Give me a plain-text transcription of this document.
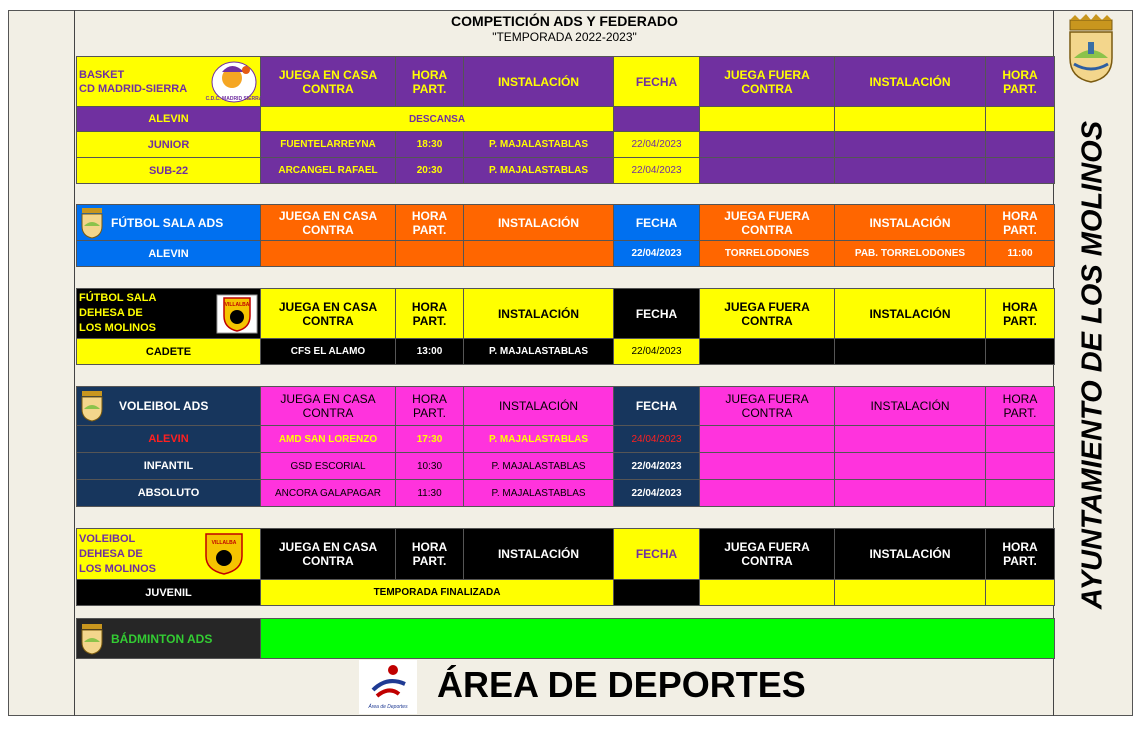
COMPETICIÓN ADS Y FEDERADO
"TEMPORADA 2022-2023"
BASKET
CD MADRID-SIERRA
C.D.C. MADRID SIERRA	JUEGA EN CASA CONTRA	HORA PART.	INSTALACIÓN	FECHA	JUEGA FUERA CONTRA	INSTALACIÓN	HORA PART.
ALEVIN	DESCANSA						
JUNIOR	FUENTELARREYNA	18:30	P. MAJALASTABLAS	22/04/2023			
SUB-22	ARCANGEL RAFAEL	20:30	P. MAJALASTABLAS	22/04/2023			
FÚTBOL SALA ADS	JUEGA EN CASA CONTRA	HORA PART.	INSTALACIÓN	FECHA	JUEGA FUERA CONTRA	INSTALACIÓN	HORA PART.
ALEVIN				22/04/2023	TORRELODONES	PAB. TORRELODONES	11:00
FÚTBOL SALA
DEHESA DE
LOS MOLINOS
VILLALBA	JUEGA EN CASA CONTRA	HORA PART.	INSTALACIÓN	FECHA	JUEGA FUERA CONTRA	INSTALACIÓN	HORA PART.
CADETE	CFS EL ALAMO	13:00	P. MAJALASTABLAS	22/04/2023			
VOLEIBOL ADS	JUEGA EN CASA CONTRA	HORA PART.	INSTALACIÓN	FECHA	JUEGA FUERA CONTRA	INSTALACIÓN	HORA PART.
ALEVIN	AMD SAN LORENZO	17:30	P. MAJALASTABLAS	24/04/2023			
INFANTIL	GSD ESCORIAL	10:30	P. MAJALASTABLAS	22/04/2023			
ABSOLUTO	ANCORA GALAPAGAR	11:30	P. MAJALASTABLAS	22/04/2023			
VOLEIBOL
DEHESA DE
LOS MOLINOS
VILLALBA	JUEGA EN CASA CONTRA	HORA PART.	INSTALACIÓN	FECHA	JUEGA FUERA CONTRA	INSTALACIÓN	HORA PART.
JUVENIL	TEMPORADA FINALIZADA						
BÁDMINTON ADS

Área de Deportes
ÁREA DE DEPORTES
AYUNTAMIENTO DE LOS MOLINOS
